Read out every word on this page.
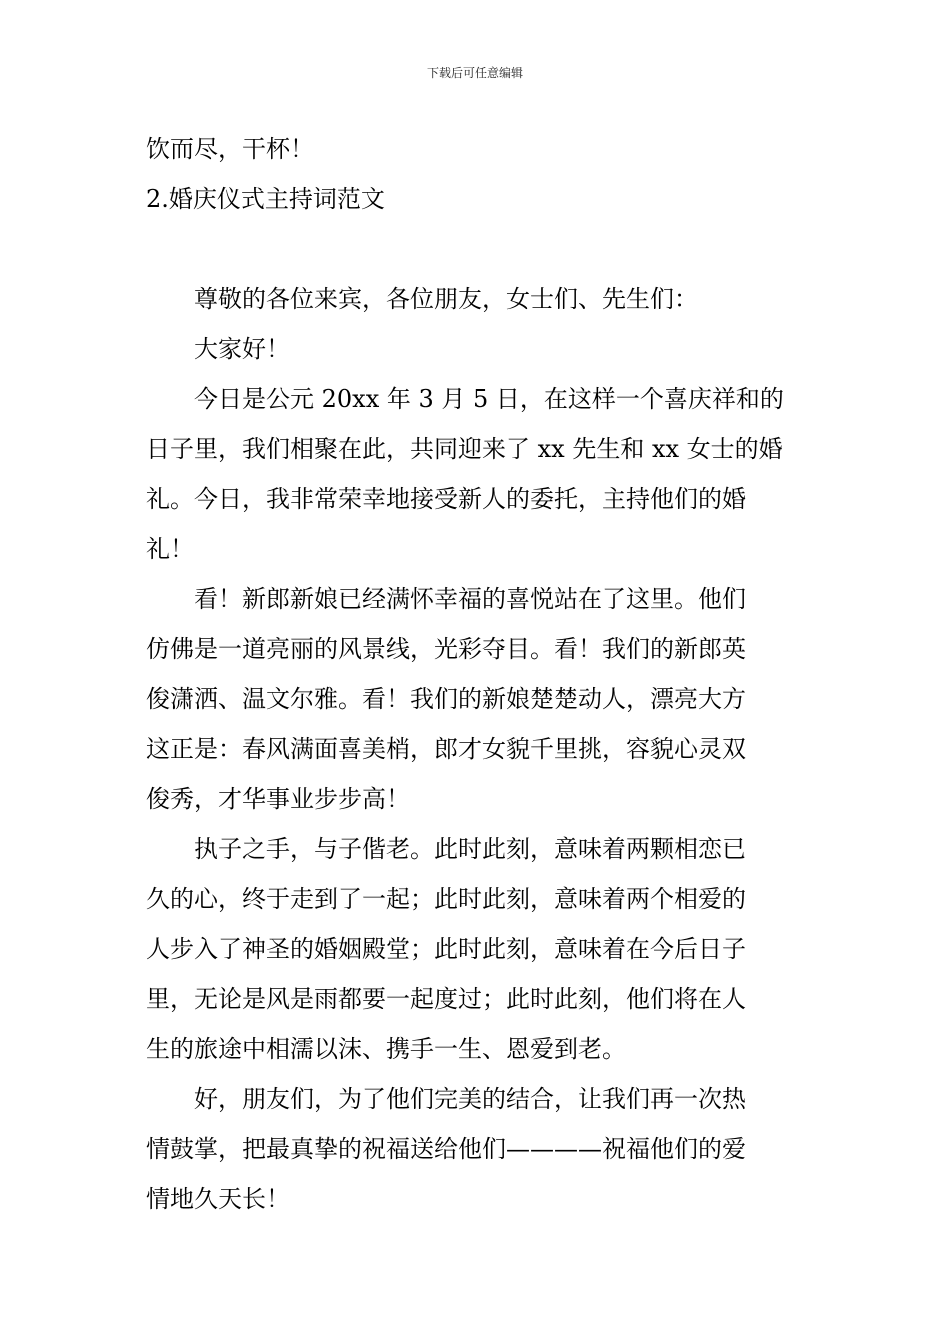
下载后可任意编辑
饮而尽，干杯！
2.婚庆仪式主持词范文
尊敬的各位来宾，各位朋友，女士们、先生们：
大家好！
今日是公元 20xx 年 3 月 5 日，在这样一个喜庆祥和的
日子里，我们相聚在此，共同迎来了 xx 先生和 xx 女士的婚
礼。今日，我非常荣幸地接受新人的委托，主持他们的婚
礼！
看！新郎新娘已经满怀幸福的喜悦站在了这里。他们
仿佛是一道亮丽的风景线，光彩夺目。看！我们的新郎英
俊潇洒、温文尔雅。看！我们的新娘楚楚动人，漂亮大方
这正是：春风满面喜美梢，郎才女貌千里挑，容貌心灵双
俊秀，才华事业步步高！
执子之手，与子偕老。此时此刻，意味着两颗相恋已
久的心，终于走到了一起；此时此刻，意味着两个相爱的
人步入了神圣的婚姻殿堂；此时此刻，意味着在今后日子
里，无论是风是雨都要一起度过；此时此刻，他们将在人
生的旅途中相濡以沫、携手一生、恩爱到老。
好，朋友们，为了他们完美的结合，让我们再一次热
情鼓掌，把最真挚的祝福送给他们————祝福他们的爱
情地久天长！
